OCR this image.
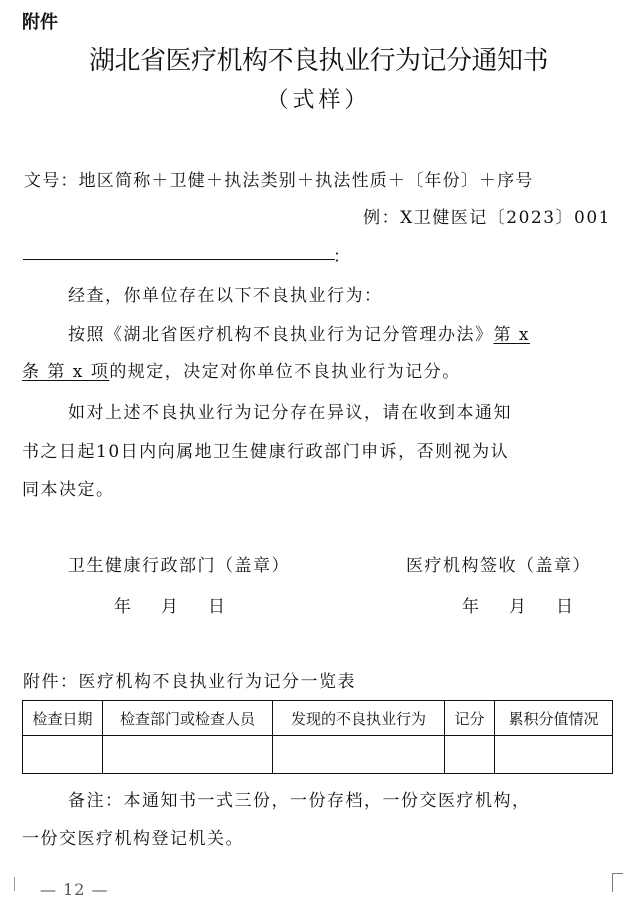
附件
湖北省医疗机构不良执业行为记分通知书
（式样）
文号：地区简称＋卫健＋执法类别＋执法性质＋〔年份〕＋序号
例：X卫健医记〔2023〕001
：
经查，你单位存在以下不良执业行为：
按照《湖北省医疗机构不良执业行为记分管理办法》第 x
条 第 x 项的规定，决定对你单位不良执业行为记分。
如对上述不良执业行为记分存在异议，请在收到本通知
书之日起10日内向属地卫生健康行政部门申诉，否则视为认
同本决定。
卫生健康行政部门（盖章）	医疗机构签收（盖章）
年 月 日	年 月 日
附件：医疗机构不良执业行为记分一览表
检查日期	检查部门或检查人员	发现的不良执业行为	记分	累积分值情况

备注：本通知书一式三份，一份存档，一份交医疗机构，
一份交医疗机构登记机关。
— 12 —
